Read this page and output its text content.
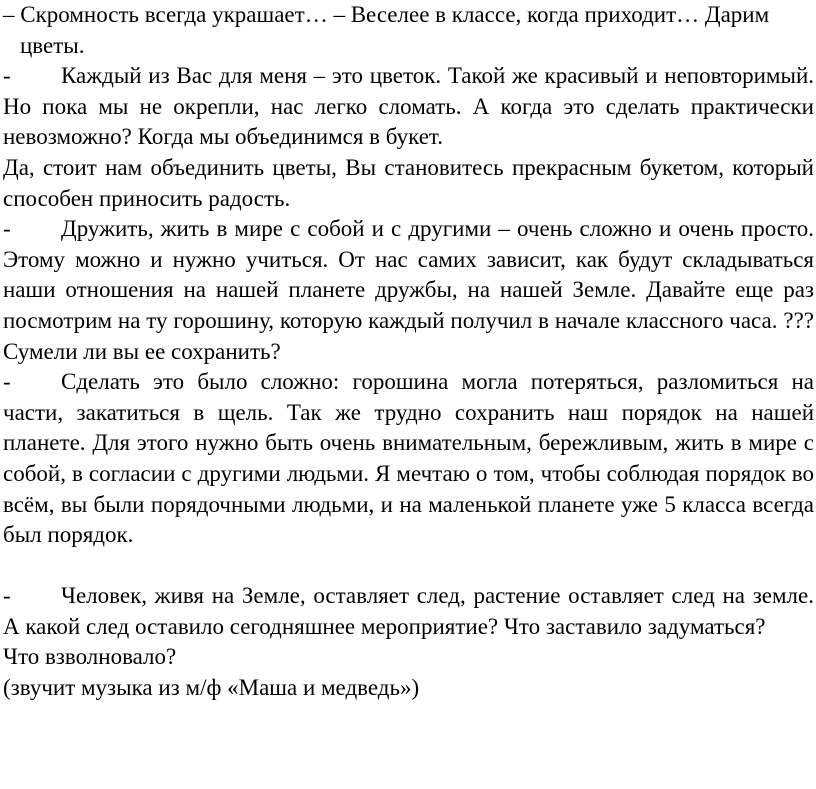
– Скромность всегда украшает… – Веселее в классе, когда приходит… Дарим цветы.

- Каждый из Вас для меня – это цветок. Такой же красивый и неповторимый. Но пока мы не окрепли, нас легко сломать. А когда это сделать практически невозможно? Когда мы объединимся в букет.

Да, стоит нам объединить цветы, Вы становитесь прекрасным букетом, который способен приносить радость.

- Дружить, жить в мире с собой и с другими – очень сложно и очень просто. Этому можно и нужно учиться. От нас самих зависит, как будут складываться наши отношения на нашей планете дружбы, на нашей Земле. Давайте еще раз посмотрим на ту горошину, которую каждый получил в начале классного часа. ??? Сумели ли вы ее сохранить?

- Сделать это было сложно: горошина могла потеряться, разломиться на части, закатиться в щель. Так же трудно сохранить наш порядок на нашей планете. Для этого нужно быть очень внимательным, бережливым, жить в мире с собой, в согласии с другими людьми. Я мечтаю о том, чтобы соблюдая порядок во всём, вы были порядочными людьми, и на маленькой планете уже 5 класса всегда был порядок.

- Человек, живя на Земле, оставляет след, растение оставляет след на земле. А какой след оставило сегодняшнее мероприятие? Что заставило задуматься?

Что взволновало?

(звучит музыка из м/ф «Маша и медведь»)
